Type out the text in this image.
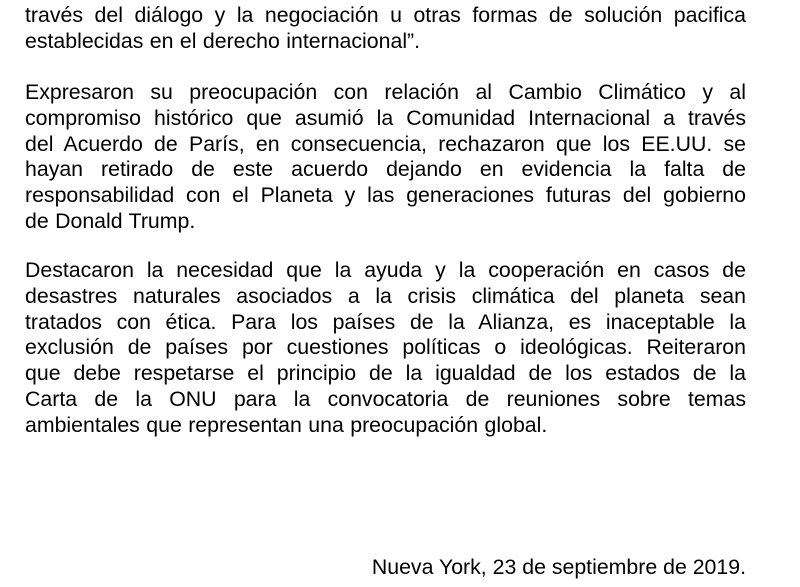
través del diálogo y la negociación u otras formas de solución pacifica
establecidas en el derecho internacional”.

Expresaron su preocupación con relación al Cambio Climático y al
compromiso histórico que asumió la Comunidad Internacional a través
del Acuerdo de París, en consecuencia, rechazaron que los EE.UU. se
hayan retirado de este acuerdo dejando en evidencia la falta de
responsabilidad con el Planeta y las generaciones futuras del gobierno
de Donald Trump.

Destacaron la necesidad que la ayuda y la cooperación en casos de
desastres naturales asociados a la crisis climática del planeta sean
tratados con ética. Para los países de la Alianza, es inaceptable la
exclusión de países por cuestiones políticas o ideológicas. Reiteraron
que debe respetarse el principio de la igualdad de los estados de la
Carta de la ONU para la convocatoria de reuniones sobre temas
ambientales que representan una preocupación global.

Nueva York, 23 de septiembre de 2019.
